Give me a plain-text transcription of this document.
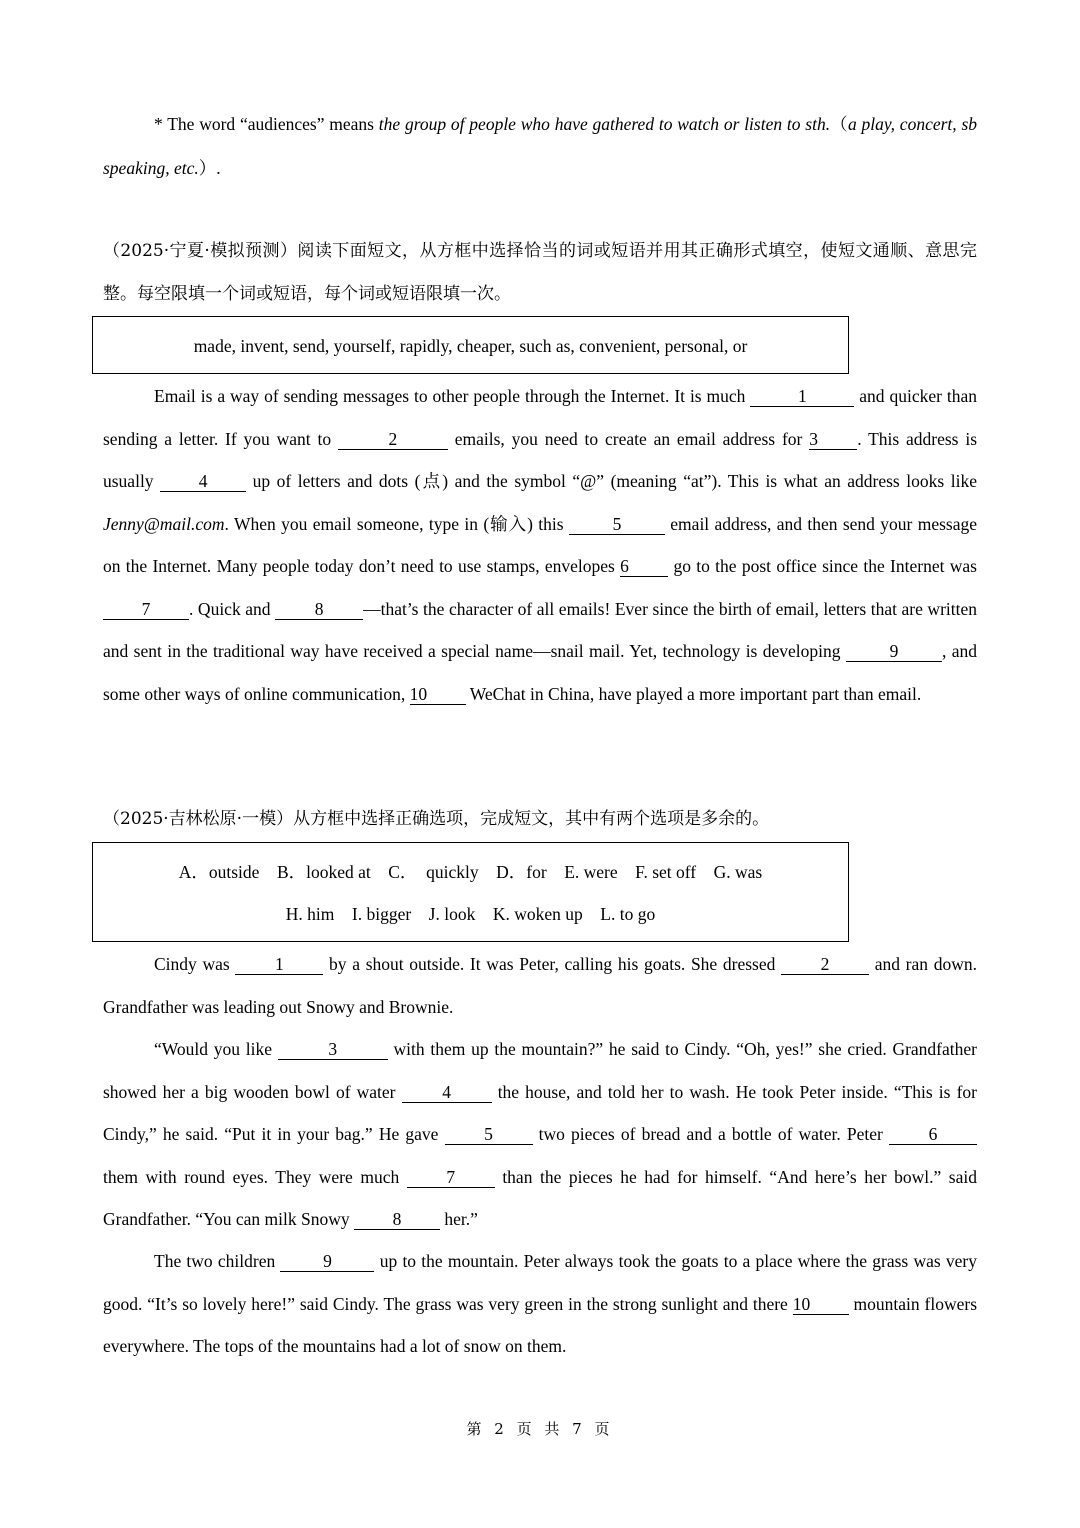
* The word “audiences” means the group of people who have gathered to watch or listen to sth.（a play, concert, sb speaking, etc.）.
（2025·宁夏·模拟预测）阅读下面短文，从方框中选择恰当的词或短语并用其正确形式填空，使短文通顺、意思完整。每空限填一个词或短语，每个词或短语限填一次。
made, invent, send, yourself, rapidly, cheaper, such as, convenient, personal, or
Email is a way of sending messages to other people through the Internet. It is much	1	and quicker than sending a letter. If you want to	2	emails, you need to create an email address for 3 . This address is usually 4 up of letters and dots (点) and the symbol “@” (meaning “at”). This is what an address looks like Jenny@mail.com. When you email someone, type in (输入) this 5 email address, and then send your message on the Internet. Many people today don’t need to use stamps, envelopes 6 go to the post office since the Internet was 7 . Quick and 8 —that’s the character of all emails! Ever since the birth of email, letters that are written and sent in the traditional way have received a special name—snail mail. Yet, technology is developing 9 , and some other ways of online communication, 10 WeChat in China, have played a more important part than email.
（2025·吉林松原·一模）从方框中选择正确选项，完成短文，其中有两个选项是多余的。
A．outside    B．looked at    C．  quickly    D．for    E. were    F. set off    G. was
H. him    I. bigger    J. look    K. woken up    L. to go
Cindy was 1 by a shout outside. It was Peter, calling his goats. She dressed 2 and ran down. Grandfather was leading out Snowy and Brownie.
“Would you like	3	with them up the mountain?” he said to Cindy. “Oh, yes!” she cried. Grandfather showed her a big wooden bowl of water 4 the house, and told her to wash. He took Peter inside. “This is for Cindy,” he said. “Put it in your bag.” He gave 5 two pieces of bread and a bottle of water. Peter 6 them with round eyes. They were much 7 than the pieces he had for himself. “And here’s her bowl.” said Grandfather. “You can milk Snowy 8 her.”
The two children 9 up to the mountain. Peter always took the goats to a place where the grass was very good. “It’s so lovely here!” said Cindy. The grass was very green in the strong sunlight and there 10 mountain flowers everywhere. The tops of the mountains had a lot of snow on them.
第 2 页 共 7 页
